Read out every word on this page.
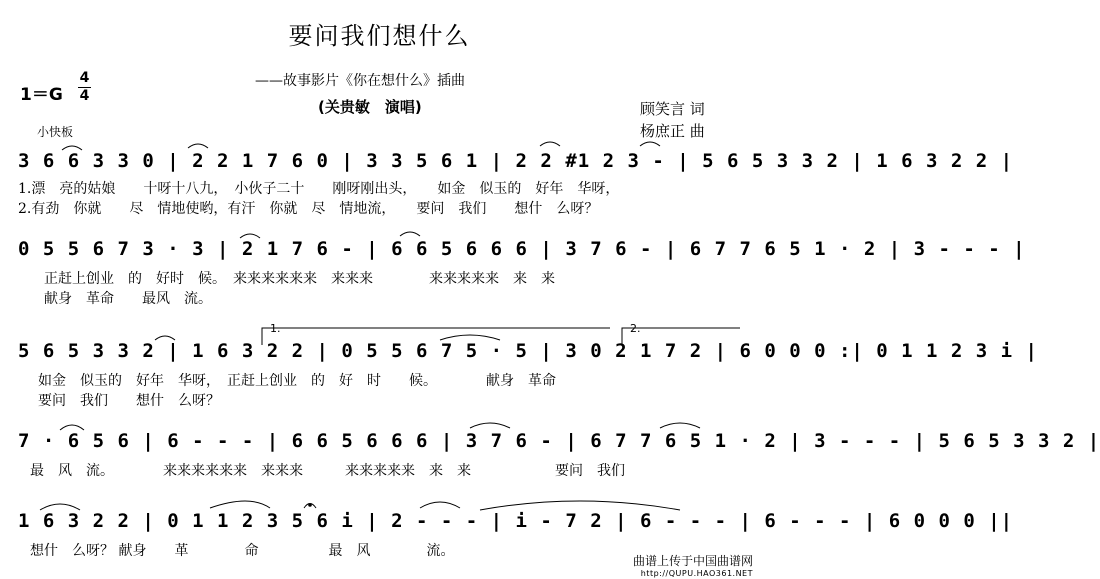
要问我们想什么
——故事影片《你在想什么》插曲
1＝G
4
4
(关贵敏　演唱)	顾笑言 词
杨庶正 曲
小快板
3 6 6 3 3 0 | 2 2 1 7 6 0 | 3 3 5 6 1 | 2 2 #1 2 3 - | 5 6 5 3 3 2 | 1 6 3 2 2 |
1.漂　亮的姑娘　　十呀十八九，　小伙子二十　　刚呀刚出头，　　如金　似玉的　好年　华呀，
2.有劲　你就　　尽　情地使哟，有汗　你就　尽　情地流，　　要问　我们　　想什　么呀？
0 5 5 6 7 3 · 3 | 2 1 7 6 - | 6 6 5 6 6 6 | 3 7 6 - | 6 7 7 6 5 1 · 2 | 3 - - - |
正赶上创业　的　好时　候。　来来来来来来　来来来　　　　来来来来来　来　来
献身　革命　　最风　流。
5 6 5 3 3 2 | 1 6 3 2 2 | 0 5 5 6 7 5 · 5 | 3 0 2 1 7 2 | 6 0 0 0 :| 0 1 1 2 3 i |
如金　似玉的　好年　华呀，　正赶上创业　的　好　时　　候。　　　　献身　革命
要问　我们　　想什　么呀？
7 · 6 5 6 | 6 - - - | 6 6 5 6 6 6 | 3 7 6 - | 6 7 7 6 5 1 · 2 | 3 - - - | 5 6 5 3 3 2 |
最　风　流。　　　　来来来来来来　来来来　　　来来来来来　来　来　　　　　　要问　我们
1 6 3 2 2 | 0 1 1 2 3 5 6 i | 2 - - - | i - 7 2 | 6 - - - | 6 - - - | 6 0 0 0 ||
想什　么呀？ 献身　　革　　　　命　　　　　最　风　　　　流。
1.	2.
曲谱上传于中国曲谱网
http://QUPU.HAO361.NET
